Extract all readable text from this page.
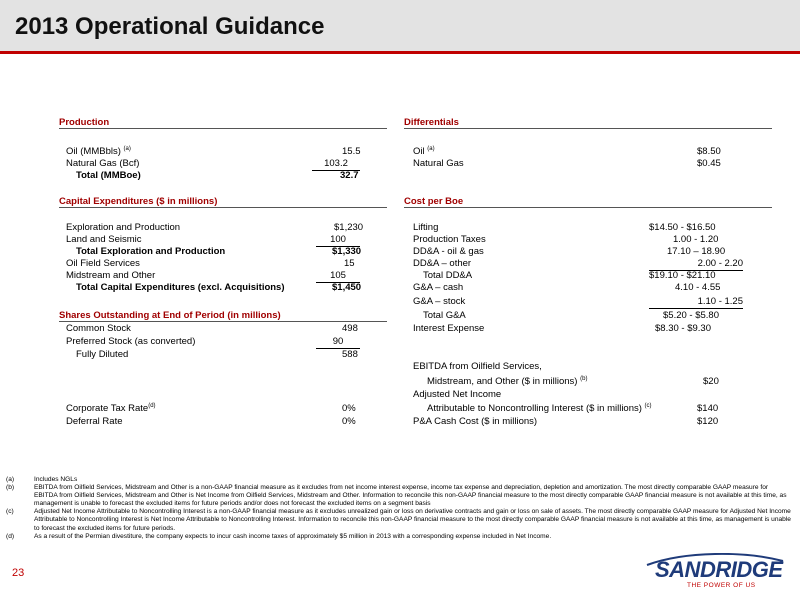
2013 Operational Guidance
Production
Oil (MMBbls) $^{(a)}$	15.5
Natural Gas (Bcf)	103.2
Total (MMBoe)	32.7
Capital Expenditures ($ in millions)
Exploration and Production	$1,230
Land and Seismic	100
Total Exploration and Production	$1,330
Oil Field Services	15
Midstream and Other	105
Total Capital Expenditures (excl. Acquisitions)	$1,450
Shares Outstanding at End of Period (in millions)
Common Stock	498
Preferred Stock (as converted)	90
Fully Diluted	588
Corporate Tax Rate$^{(d)}$	0%
Deferral Rate	0%
Differentials
Oil $^{(a)}$	$8.50
Natural Gas	$0.45
Cost per Boe
Lifting	$14.50 - $16.50
Production Taxes	1.00 - 1.20
DD&A - oil & gas	17.10 – 18.90
DD&A – other	2.00 - 2.20
Total DD&A	$19.10 - $21.10
G&A – cash	4.10 - 4.55
G&A – stock	1.10 - 1.25
Total G&A	$5.20 - $5.80
Interest Expense	$8.30 - $9.30
EBITDA from Oilfield Services,
Midstream, and Other ($ in millions) $^{(b)}$	$20
Adjusted Net Income
Attributable to Noncontrolling Interest ($ in millions) $^{(c)}$	$140
P&A Cash Cost ($ in millions)	$120
(a)	Includes NGLs
(b)	EBITDA from Oilfield Services, Midstream and Other is a non-GAAP financial measure as it excludes from net income interest expense, income tax expense and depreciation, depletion and amortization. The most directly comparable GAAP measure for EBITDA from Oilfield Services, Midstream and Other is Net Income from Oilfield Services, Midstream and Other. Information to reconcile this non-GAAP financial measure to the most directly comparable GAAP financial measure is not available at this time, as management is unable to forecast the excluded items for future periods and/or does not forecast the excluded items on a segment basis
(c)	Adjusted Net Income Attributable to Noncontrolling Interest is a non-GAAP financial measure as it excludes unrealized gain or loss on derivative contracts and gain or loss on sale of assets. The most directly comparable GAAP measure for Adjusted Net Income Attributable to Noncontrolling Interest is Net Income Attributable to Noncontrolling Interest. Information to reconcile this non-GAAP financial measure to the most directly comparable GAAP financial measure is not available at this time, as management is unable to forecast the excluded items for future periods.
(d)	As a result of the Permian divestiture, the company expects to incur cash income taxes of approximately $5 million in 2013 with a corresponding expense included in Net Income.
23	SANDRIDGE
THE POWER OF US
